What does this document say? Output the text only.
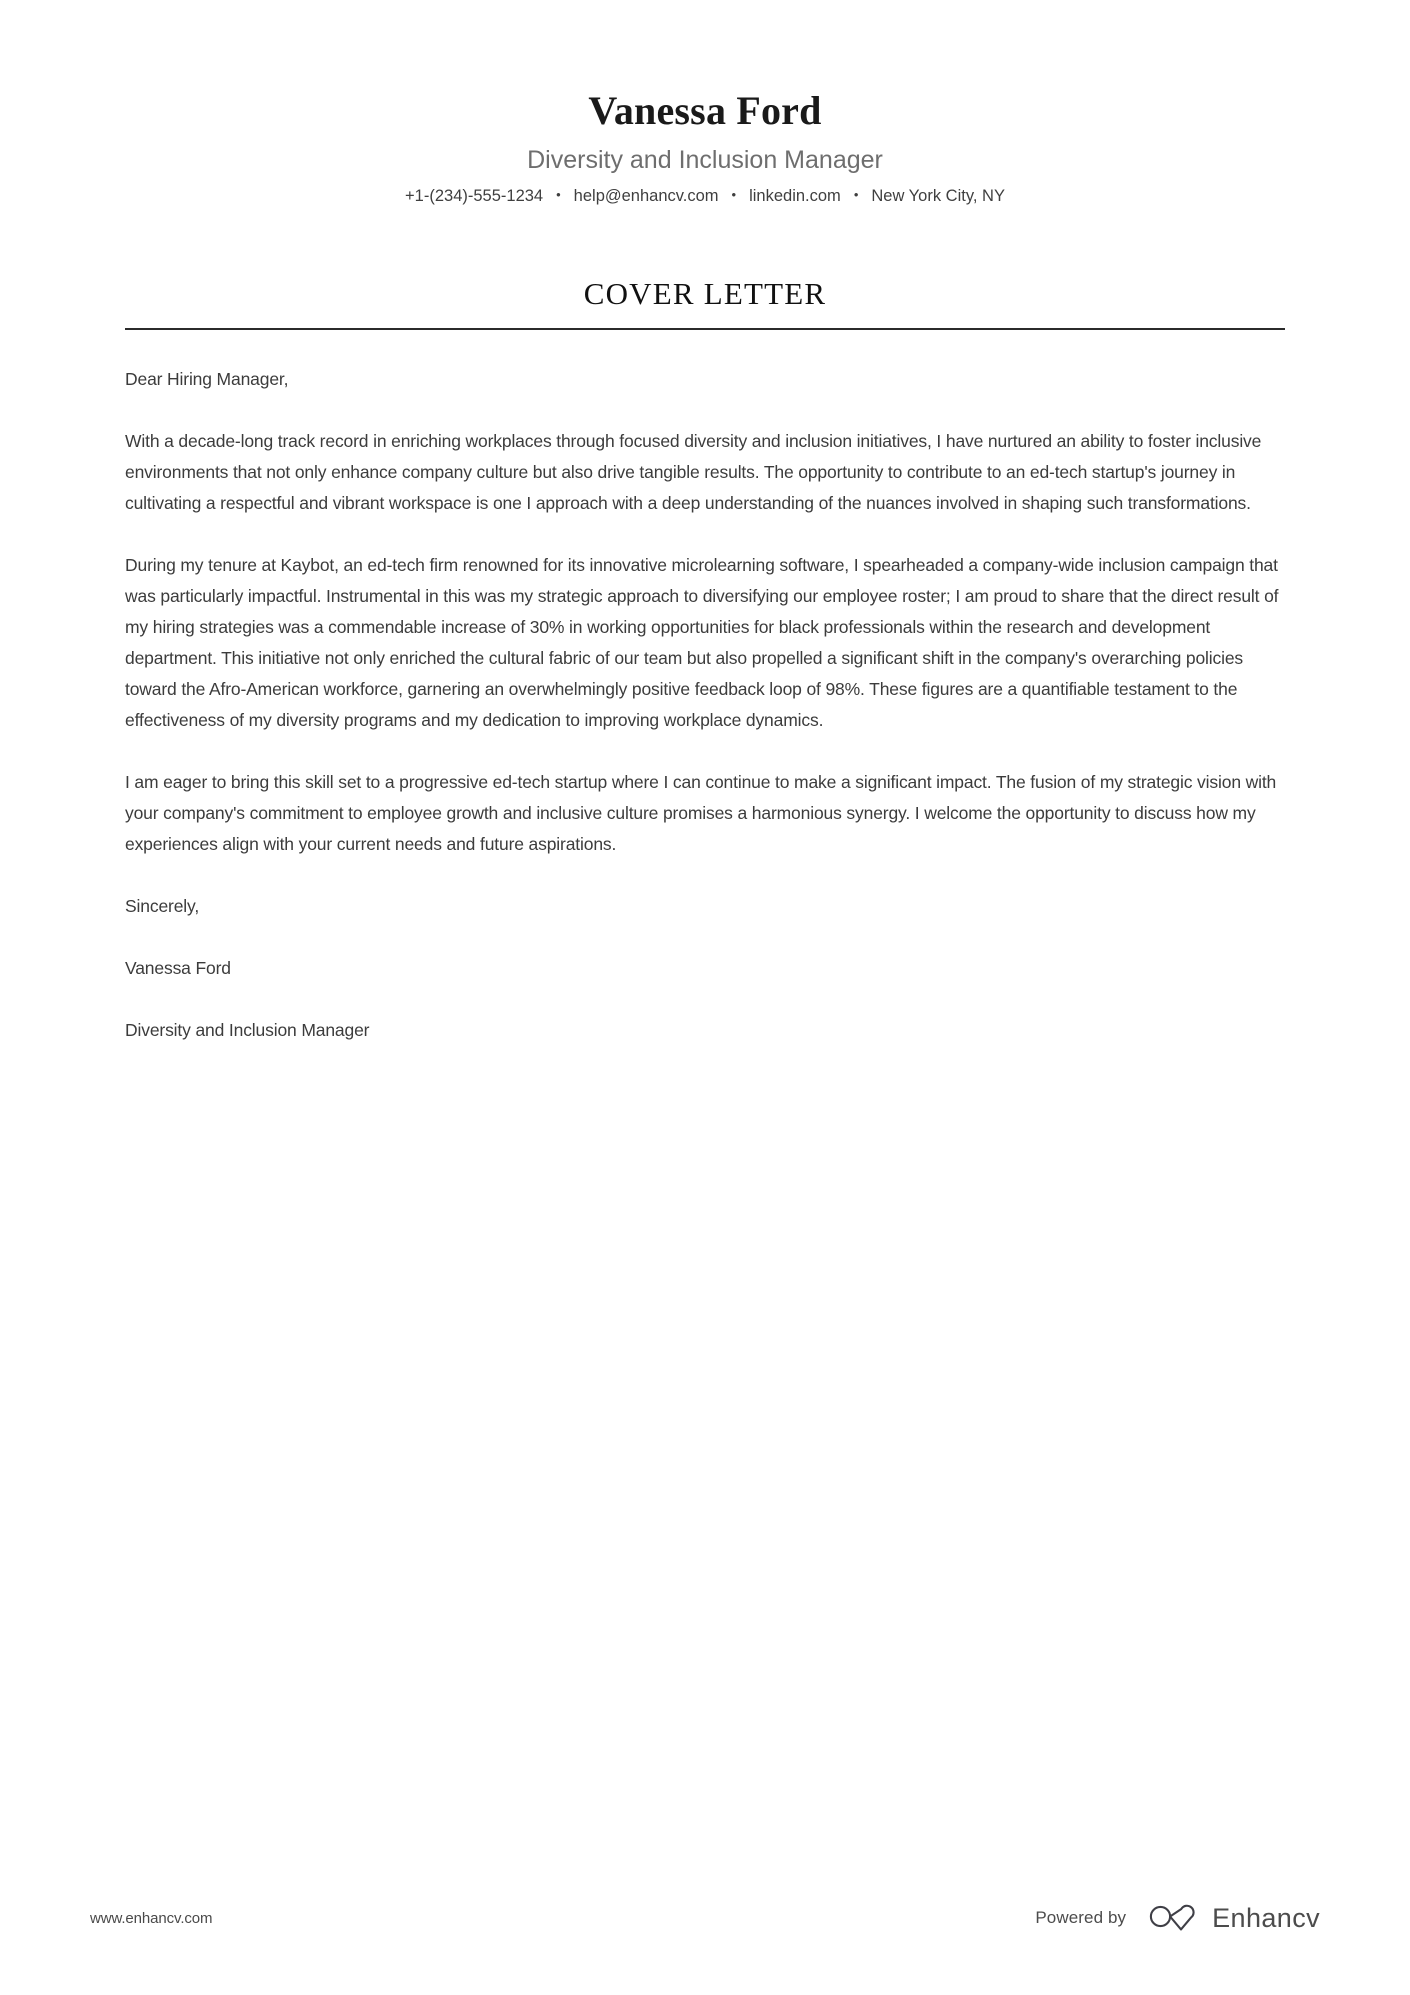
Vanessa Ford
Diversity and Inclusion Manager
+1-(234)-555-1234 • help@enhancv.com • linkedin.com • New York City, NY
COVER LETTER

Dear Hiring Manager,

With a decade-long track record in enriching workplaces through focused diversity and inclusion initiatives, I have nurtured an ability to foster inclusive environments that not only enhance company culture but also drive tangible results. The opportunity to contribute to an ed-tech startup's journey in cultivating a respectful and vibrant workspace is one I approach with a deep understanding of the nuances involved in shaping such transformations.

During my tenure at Kaybot, an ed-tech firm renowned for its innovative microlearning software, I spearheaded a company-wide inclusion campaign that was particularly impactful. Instrumental in this was my strategic approach to diversifying our employee roster; I am proud to share that the direct result of my hiring strategies was a commendable increase of 30% in working opportunities for black professionals within the research and development department. This initiative not only enriched the cultural fabric of our team but also propelled a significant shift in the company's overarching policies toward the Afro-American workforce, garnering an overwhelmingly positive feedback loop of 98%. These figures are a quantifiable testament to the effectiveness of my diversity programs and my dedication to improving workplace dynamics.

I am eager to bring this skill set to a progressive ed-tech startup where I can continue to make a significant impact. The fusion of my strategic vision with your company's commitment to employee growth and inclusive culture promises a harmonious synergy. I welcome the opportunity to discuss how my experiences align with your current needs and future aspirations.

Sincerely,

Vanessa Ford

Diversity and Inclusion Manager

www.enhancv.com	Powered by	Enhancv
